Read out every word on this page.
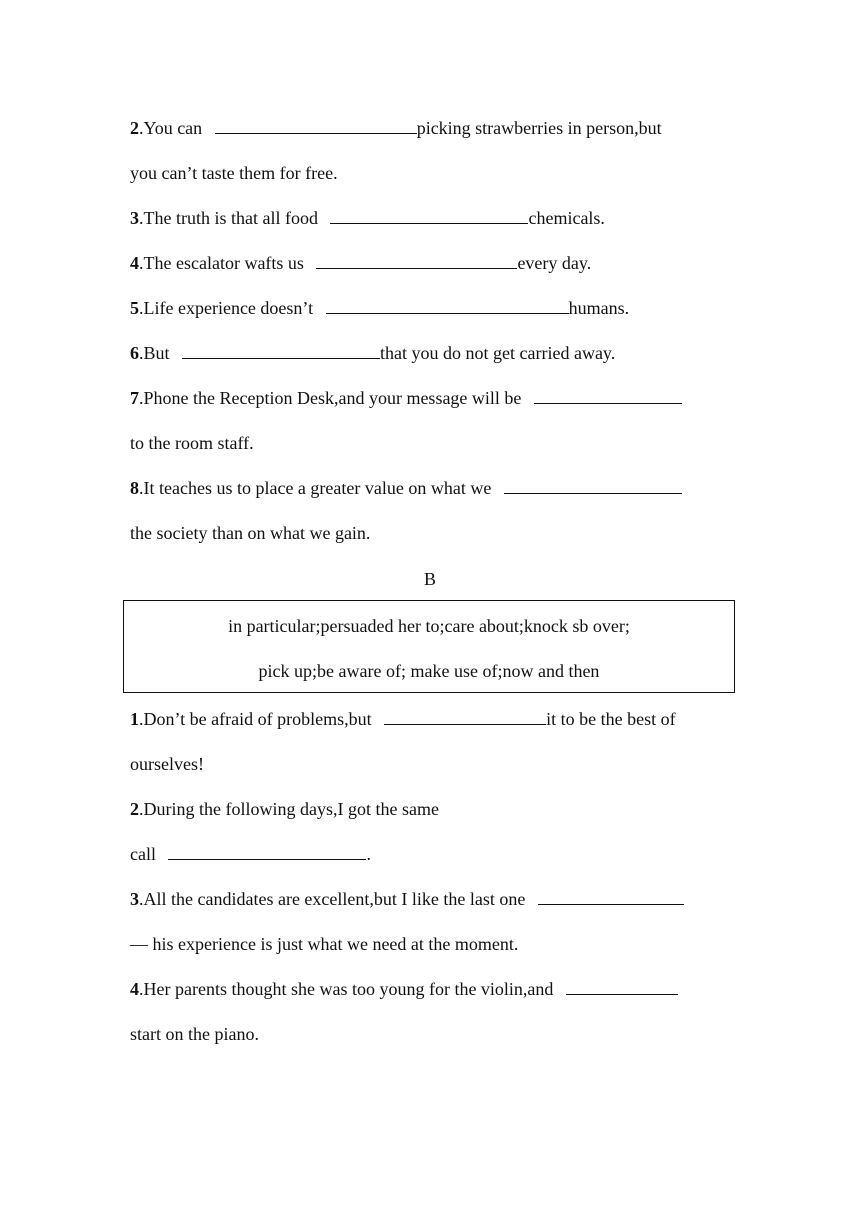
2.You can	picking strawberries in person,but
you can’t taste them for free.
3.The truth is that all food	chemicals.
4.The escalator wafts us	every day.
5.Life experience doesn’t	humans.
6.But	that you do not get carried away.
7.Phone the Reception Desk,and your message will be
to the room staff.
8.It teaches us to place a greater value on what we
the society than on what we gain.
B
in particular;persuaded her to;care about;knock sb over;
pick up;be aware of; make use of;now and then
1.Don’t be afraid of problems,but	it to be the best of
ourselves!
2.During the following days,I got the same
call	.
3.All the candidates are excellent,but I like the last one
— his experience is just what we need at the moment.
4.Her parents thought she was too young for the violin,and
start on the piano.
